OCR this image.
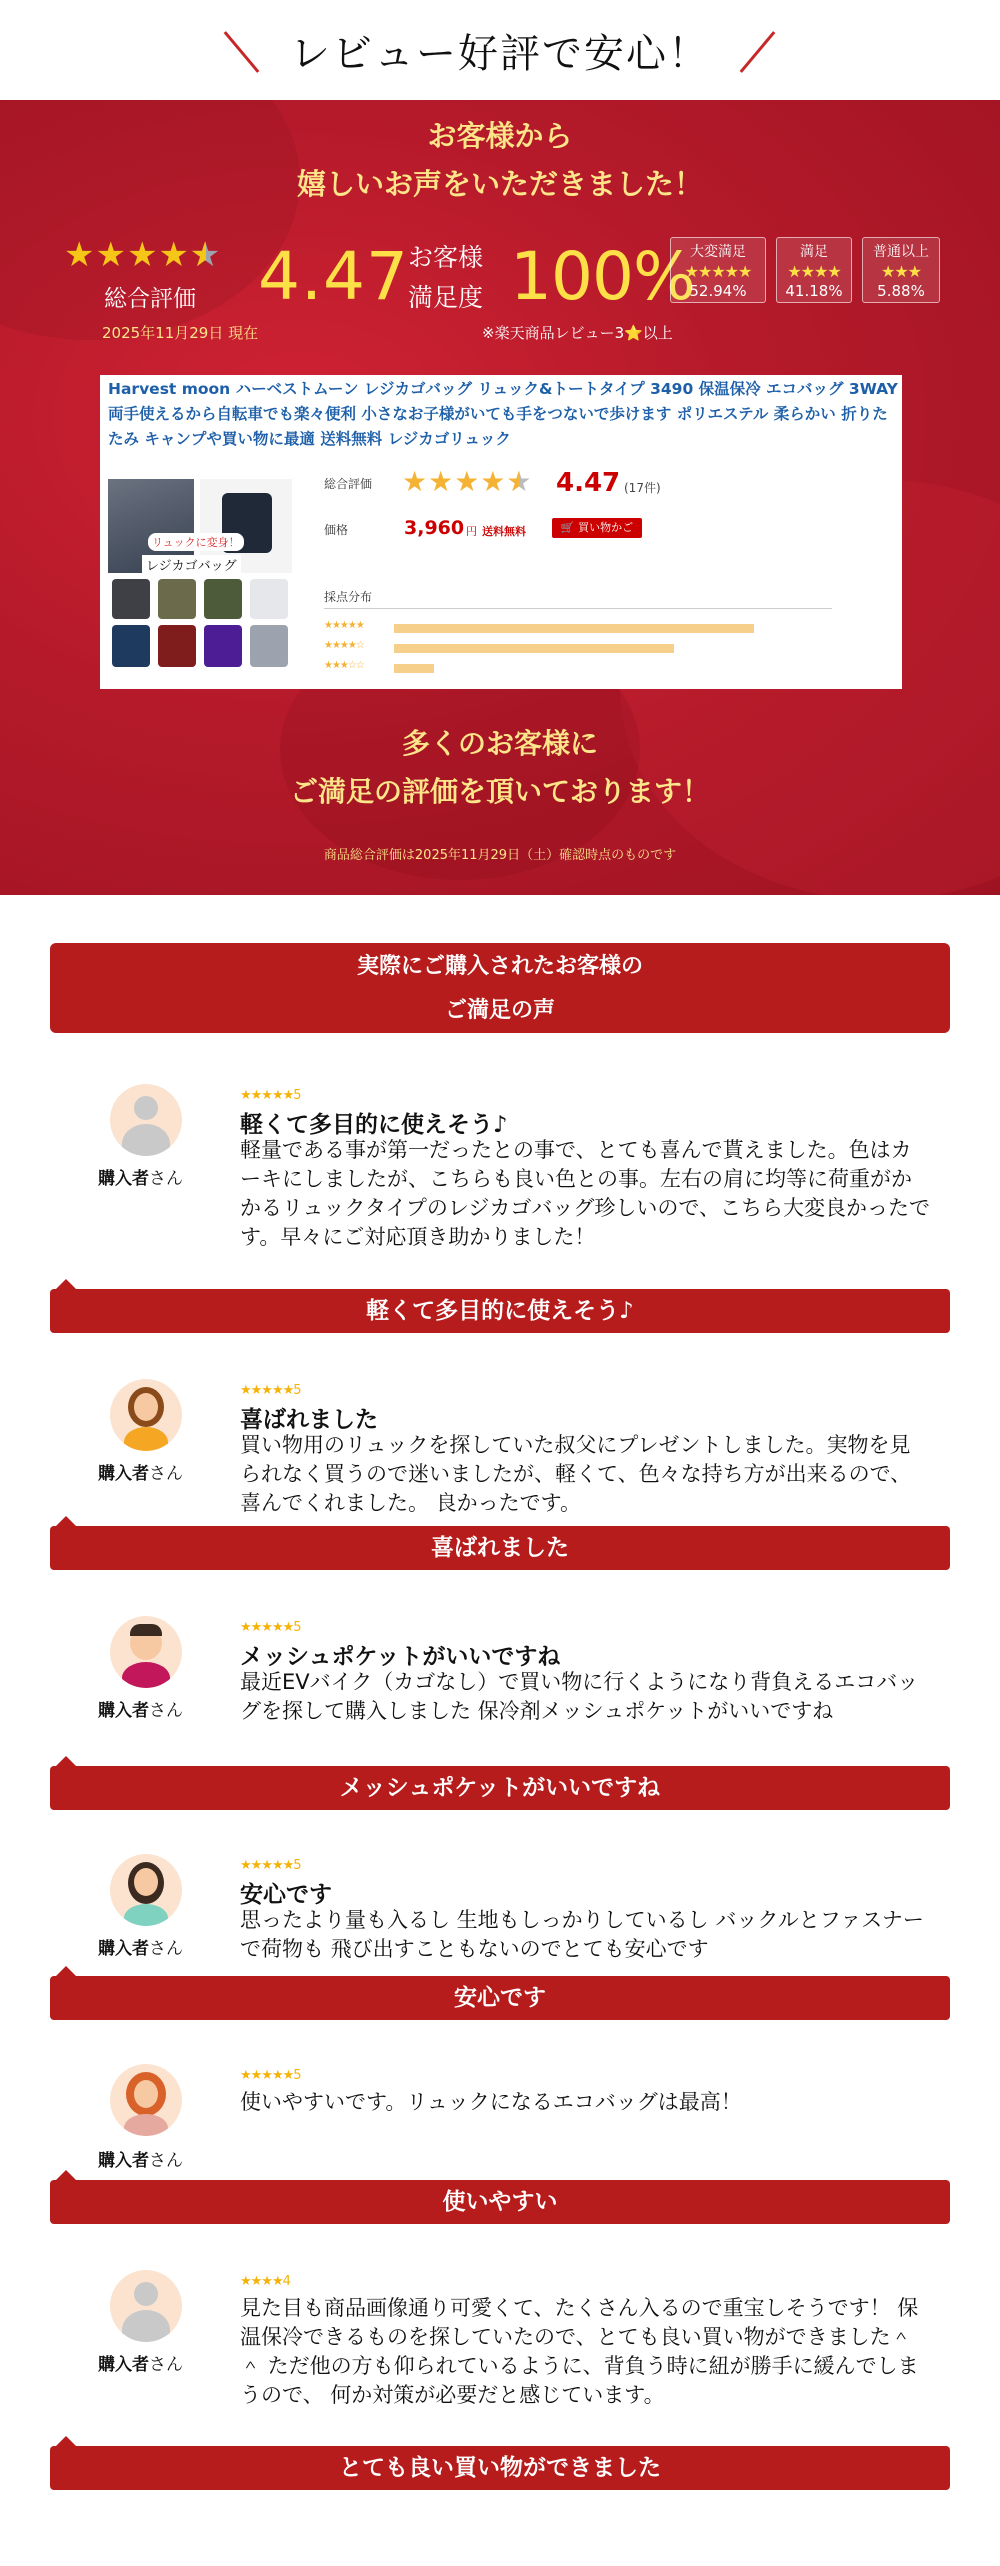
レビュー好評で安心！
お客様から
嬉しいお声をいただきました！
★★★★★ ★
総合評価
2025年11月29日 現在
4.47 お客様
満足度 100%
※楽天商品レビュー3⭐以上
大変満足
★★★★★
52.94%
満足
★★★★
41.18%
普通以上
★★★
5.88%
Harvest moon ハーベストムーン レジカゴバッグ リュック&トートタイプ 3490 保温保冷 エコバッグ 3WAY 両手使えるから自転車でも楽々便利 小さなお子様がいても手をつないで歩けます ポリエステル 柔らかい 折りたたみ キャンプや買い物に最適 送料無料 レジカゴリュック
リュックに変身！
レジカゴバッグ
総合評価 ★★★★★ ★ 4.47 (17件)
価格	3,960 円 送料無料	🛒 買い物かご
採点分布
★★★★★
★★★★☆
★★★☆☆
多くのお客様に
ご満足の評価を頂いております！
商品総合評価は2025年11月29日（土）確認時点のものです
実際にご購入されたお客様の
ご満足の声
購入者さん
★★★★★5
軽くて多目的に使えそう♪
軽量である事が第一だったとの事で、とても喜んで貰えました。色はカーキにしましたが、こちらも良い色との事。左右の肩に均等に荷重がかかるリュックタイプのレジカゴバッグ珍しいので、こちら大変良かったです。早々にご対応頂き助かりました！
軽くて多目的に使えそう♪
購入者さん
★★★★★5
喜ばれました
買い物用のリュックを探していた叔父にプレゼントしました。実物を見られなく買うので迷いましたが、軽くて、色々な持ち方が出来るので、喜んでくれました。 良かったです。
喜ばれました
購入者さん
★★★★★5
メッシュポケットがいいですね
最近EVバイク（カゴなし）で買い物に行くようになり背負えるエコバッグを探して購入しました 保冷剤メッシュポケットがいいですね
メッシュポケットがいいですね
購入者さん
★★★★★5
安心です
思ったより量も入るし 生地もしっかりしているし バックルとファスナーで荷物も 飛び出すこともないのでとても安心です
安心です
購入者さん
★★★★★5
使いやすいです。リュックになるエコバッグは最高！
使いやすい
購入者さん
★★★★4
見た目も商品画像通り可愛くて、たくさん入るので重宝しそうです！ 保温保冷できるものを探していたので、とても良い買い物ができました＾＾ ただ他の方も仰られているように、背負う時に紐が勝手に緩んでしまうので、 何か対策が必要だと感じています。
とても良い買い物ができました
